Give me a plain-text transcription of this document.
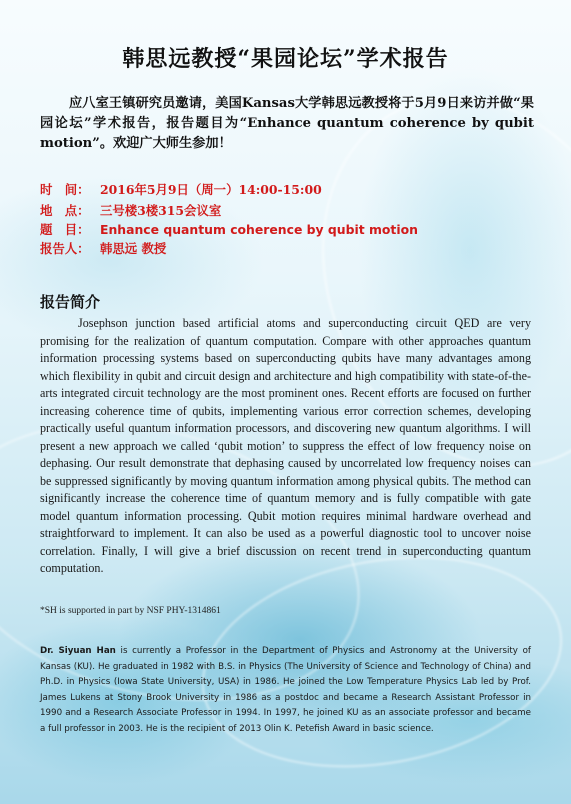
韩思远教授“果园论坛”学术报告
应八室王镇研究员邀请，美国Kansas大学韩思远教授将于5月9日来访并做“果园论坛”学术报告，报告题目为“Enhance quantum coherence by qubit motion”。欢迎广大师生参加！
时　间： 2016年5月9日（周一）14:00-15:00
地　点： 三号楼3楼315会议室
题　目： Enhance quantum coherence by qubit motion
报告人： 韩思远 教授
报告简介
Josephson junction based artificial atoms and superconducting circuit QED are very promising for the realization of quantum computation. Compare with other approaches quantum information processing systems based on superconducting qubits have many advantages among which flexibility in qubit and circuit design and architecture and high compatibility with state-of-the-arts integrated circuit technology are the most prominent ones. Recent efforts are focused on further increasing coherence time of qubits, implementing various error correction schemes, developing practically useful quantum information processors, and discovering new quantum algorithms. I will present a new approach we called ‘qubit motion’ to suppress the effect of low frequency noise on dephasing. Our result demonstrate that dephasing caused by uncorrelated low frequency noises can be suppressed significantly by moving quantum information among physical qubits. The method can significantly increase the coherence time of quantum memory and is fully compatible with gate model quantum information processing. Qubit motion requires minimal hardware overhead and straightforward to implement. It can also be used as a powerful diagnostic tool to uncover noise correlation. Finally, I will give a brief discussion on recent trend in superconducting quantum computation.
*SH is supported in part by NSF PHY-1314861
Dr. Siyuan Han is currently a Professor in the Department of Physics and Astronomy at the University of Kansas (KU). He graduated in 1982 with B.S. in Physics (The University of Science and Technology of China) and Ph.D. in Physics (Iowa State University, USA) in 1986. He joined the Low Temperature Physics Lab led by Prof. James Lukens at Stony Brook University in 1986 as a postdoc and became a Research Assistant Professor in 1990 and a Research Associate Professor in 1994. In 1997, he joined KU as an associate professor and became a full professor in 2003. He is the recipient of 2013 Olin K. Petefish Award in basic science.
